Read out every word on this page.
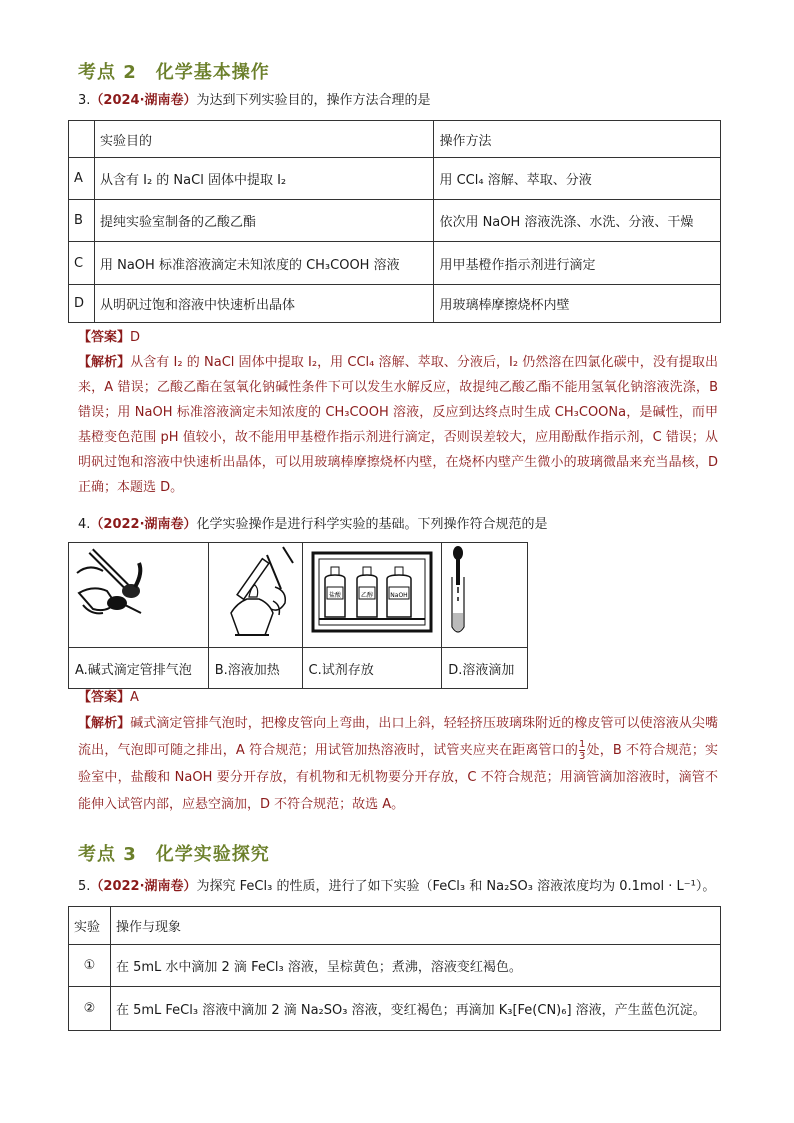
考点 2　化学基本操作
3.（2024·湖南卷）为达到下列实验目的，操作方法合理的是
	实验目的	操作方法
A	从含有 I₂ 的 NaCl 固体中提取 I₂	用 CCl₄ 溶解、萃取、分液
B	提纯实验室制备的乙酸乙酯	依次用 NaOH 溶液洗涤、水洗、分液、干燥
C	用 NaOH 标准溶液滴定未知浓度的 CH₃COOH 溶液	用甲基橙作指示剂进行滴定
D	从明矾过饱和溶液中快速析出晶体	用玻璃棒摩擦烧杯内壁
【答案】D
【解析】从含有 I₂ 的 NaCl 固体中提取 I₂，用 CCl₄ 溶解、萃取、分液后，I₂ 仍然溶在四氯化碳中，没有提取出来，A 错误；乙酸乙酯在氢氧化钠碱性条件下可以发生水解反应，故提纯乙酸乙酯不能用氢氧化钠溶液洗涤，B 错误；用 NaOH 标准溶液滴定未知浓度的 CH₃COOH 溶液，反应到达终点时生成 CH₃COONa，是碱性，而甲基橙变色范围 pH 值较小，故不能用甲基橙作指示剂进行滴定，否则误差较大，应用酚酞作指示剂，C 错误；从明矾过饱和溶液中快速析出晶体，可以用玻璃棒摩擦烧杯内壁，在烧杯内壁产生微小的玻璃微晶来充当晶核，D 正确；本题选 D。
4.（2022·湖南卷）化学实验操作是进行科学实验的基础。下列操作符合规范的是

盐酸 乙醇 NaOH

A.碱式滴定管排气泡	B.溶液加热	C.试剂存放	D.溶液滴加
【答案】A
【解析】碱式滴定管排气泡时，把橡皮管向上弯曲，出口上斜，轻轻挤压玻璃珠附近的橡皮管可以使溶液从尖嘴流出，气泡即可随之排出，A 符合规范；用试管加热溶液时，试管夹应夹在距离管口的 $\frac{1}{3}$ 处，B 不符合规范；实验室中，盐酸和 NaOH 要分开存放，有机物和无机物要分开存放，C 不符合规范；用滴管滴加溶液时，滴管不能伸入试管内部，应悬空滴加，D 不符合规范；故选 A。
考点 3　化学实验探究
5.（2022·湖南卷）为探究 FeCl₃ 的性质，进行了如下实验（FeCl₃ 和 Na₂SO₃ 溶液浓度均为 0.1mol · L⁻¹）。
实验	操作与现象
①	在 5mL 水中滴加 2 滴 FeCl₃ 溶液，呈棕黄色；煮沸，溶液变红褐色。
②	在 5mL FeCl₃ 溶液中滴加 2 滴 Na₂SO₃ 溶液，变红褐色；再滴加 K₃[Fe(CN)₆] 溶液，产生蓝色沉淀。
